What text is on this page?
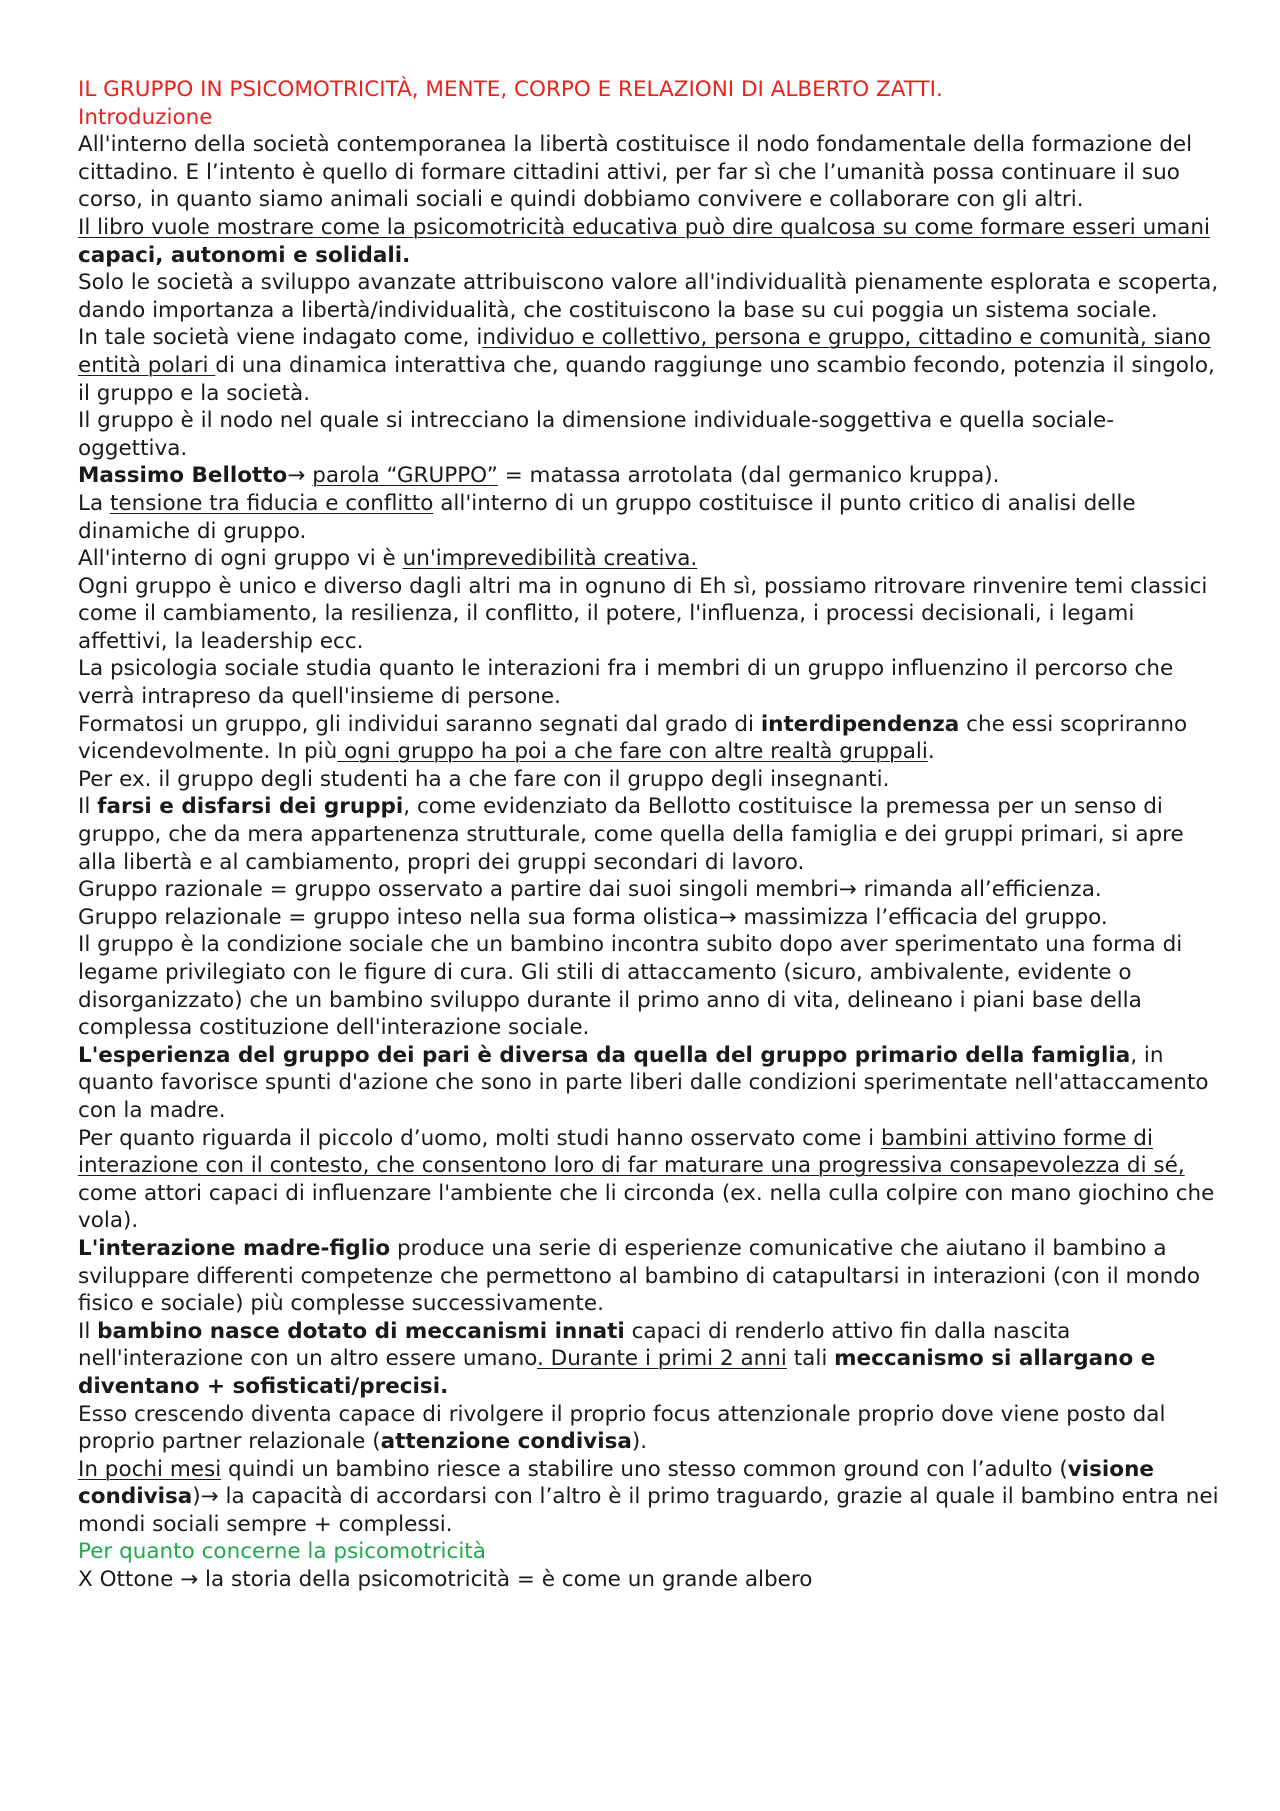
IL GRUPPO IN PSICOMOTRICITÀ, MENTE, CORPO E RELAZIONI DI ALBERTO ZATTI.

Introduzione

All'interno della società contemporanea la libertà costituisce il nodo fondamentale della formazione del cittadino. E l’intento è quello di formare cittadini attivi, per far sì che l’umanità possa continuare il suo corso, in quanto siamo animali sociali e quindi dobbiamo convivere e collaborare con gli altri.

Il libro vuole mostrare come la psicomotricità educativa può dire qualcosa su come formare esseri umani capaci, autonomi e solidali.

Solo le società a sviluppo avanzate attribuiscono valore all'individualità pienamente esplorata e scoperta, dando importanza a libertà/individualità, che costituiscono la base su cui poggia un sistema sociale.

In tale società viene indagato come, individuo e collettivo, persona e gruppo, cittadino e comunità, siano entità polari di una dinamica interattiva che, quando raggiunge uno scambio fecondo, potenzia il singolo, il gruppo e la società.

Il gruppo è il nodo nel quale si intrecciano la dimensione individuale-soggettiva e quella sociale-oggettiva.

Massimo Bellotto→ parola “GRUPPO” = matassa arrotolata (dal germanico kruppa).

La tensione tra fiducia e conflitto all'interno di un gruppo costituisce il punto critico di analisi delle dinamiche di gruppo.

All'interno di ogni gruppo vi è un'imprevedibilità creativa.

Ogni gruppo è unico e diverso dagli altri ma in ognuno di Eh sì, possiamo ritrovare rinvenire temi classici come il cambiamento, la resilienza, il conflitto, il potere, l'influenza, i processi decisionali, i legami affettivi, la leadership ecc.

La psicologia sociale studia quanto le interazioni fra i membri di un gruppo influenzino il percorso che verrà intrapreso da quell'insieme di persone.

Formatosi un gruppo, gli individui saranno segnati dal grado di interdipendenza che essi scopriranno vicendevolmente. In più ogni gruppo ha poi a che fare con altre realtà gruppali.

Per ex. il gruppo degli studenti ha a che fare con il gruppo degli insegnanti.

Il farsi e disfarsi dei gruppi, come evidenziato da Bellotto costituisce la premessa per un senso di gruppo, che da mera appartenenza strutturale, come quella della famiglia e dei gruppi primari, si apre alla libertà e al cambiamento, propri dei gruppi secondari di lavoro.

Gruppo razionale = gruppo osservato a partire dai suoi singoli membri→ rimanda all’efficienza.

Gruppo relazionale = gruppo inteso nella sua forma olistica→ massimizza l’efficacia del gruppo.

Il gruppo è la condizione sociale che un bambino incontra subito dopo aver sperimentato una forma di legame privilegiato con le figure di cura. Gli stili di attaccamento (sicuro, ambivalente, evidente o disorganizzato) che un bambino sviluppo durante il primo anno di vita, delineano i piani base della complessa costituzione dell'interazione sociale.

L'esperienza del gruppo dei pari è diversa da quella del gruppo primario della famiglia, in quanto favorisce spunti d'azione che sono in parte liberi dalle condizioni sperimentate nell'attaccamento con la madre.

Per quanto riguarda il piccolo d’uomo, molti studi hanno osservato come i bambini attivino forme di interazione con il contesto, che consentono loro di far maturare una progressiva consapevolezza di sé, come attori capaci di influenzare l'ambiente che li circonda (ex. nella culla colpire con mano giochino che vola).

L'interazione madre-figlio produce una serie di esperienze comunicative che aiutano il bambino a sviluppare differenti competenze che permettono al bambino di catapultarsi in interazioni (con il mondo fisico e sociale) più complesse successivamente.

Il bambino nasce dotato di meccanismi innati capaci di renderlo attivo fin dalla nascita nell'interazione con un altro essere umano. Durante i primi 2 anni tali meccanismo si allargano e diventano + sofisticati/precisi.

Esso crescendo diventa capace di rivolgere il proprio focus attenzionale proprio dove viene posto dal proprio partner relazionale (attenzione condivisa).

In pochi mesi quindi un bambino riesce a stabilire uno stesso common ground con l’adulto (visione condivisa)→ la capacità di accordarsi con l’altro è il primo traguardo, grazie al quale il bambino entra nei mondi sociali sempre + complessi.

Per quanto concerne la psicomotricità

X Ottone → la storia della psicomotricità = è come un grande albero
